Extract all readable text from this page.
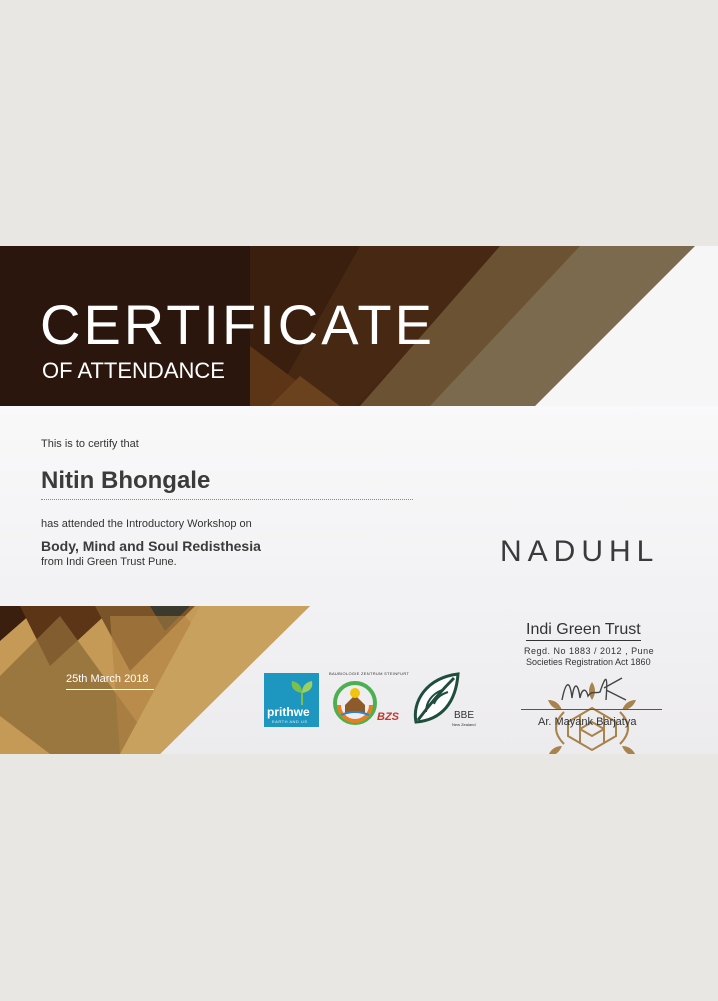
CERTIFICATE
OF ATTENDANCE
This is to certify that
Nitin Bhongale
has attended the Introductory Workshop on
Body, Mind and Soul Redisthesia
from Indi Green Trust Pune.
25th March 2018
NADUHL
Indi Green Trust
Regd. No 1883 / 2012 , Pune
Societies Registration Act 1860
Ar. Mayank Barjatya
prithwe
EARTH AND US
BAUBIOLOGIE ZENTRUM STEINFURT
BZS	BBE
New Zealand
